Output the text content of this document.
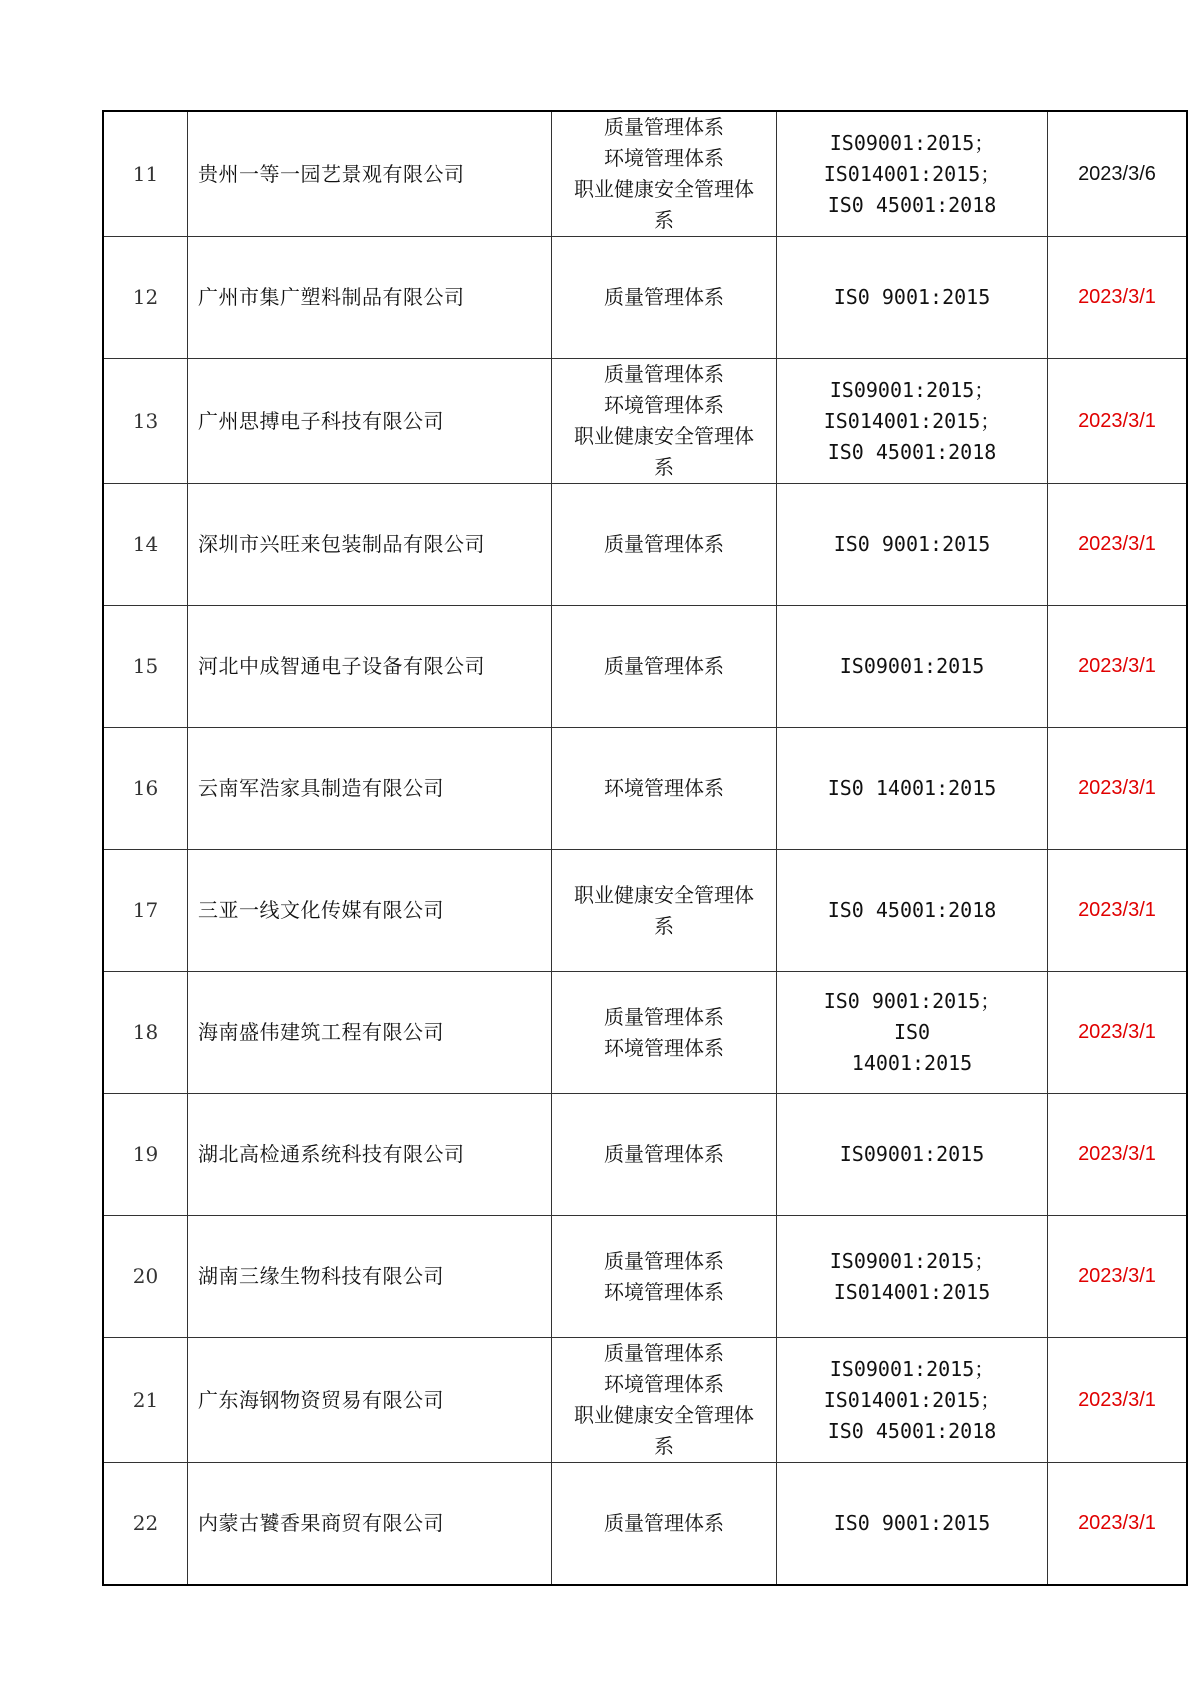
11	贵州一等一园艺景观有限公司	质量管理体系
环境管理体系
职业健康安全管理体
系	IS09001:2015；
IS014001:2015；
IS0 45001:2018	2023/3/6
12	广州市集广塑料制品有限公司	质量管理体系	IS0 9001:2015	2023/3/1
13	广州思搏电子科技有限公司	质量管理体系
环境管理体系
职业健康安全管理体
系	IS09001:2015；
IS014001:2015；
IS0 45001:2018	2023/3/1
14	深圳市兴旺来包装制品有限公司	质量管理体系	IS0 9001:2015	2023/3/1
15	河北中成智通电子设备有限公司	质量管理体系	IS09001:2015	2023/3/1
16	云南军浩家具制造有限公司	环境管理体系	IS0 14001:2015	2023/3/1
17	三亚一线文化传媒有限公司	职业健康安全管理体
系	IS0 45001:2018	2023/3/1
18	海南盛伟建筑工程有限公司	质量管理体系
环境管理体系	IS0 9001:2015；IS0
14001:2015	2023/3/1
19	湖北高检通系统科技有限公司	质量管理体系	IS09001:2015	2023/3/1
20	湖南三缘生物科技有限公司	质量管理体系
环境管理体系	IS09001:2015；
IS014001:2015	2023/3/1
21	广东海钢物资贸易有限公司	质量管理体系
环境管理体系
职业健康安全管理体
系	IS09001:2015；
IS014001:2015；
IS0 45001:2018	2023/3/1
22	内蒙古饕香果商贸有限公司	质量管理体系	IS0 9001:2015	2023/3/1
